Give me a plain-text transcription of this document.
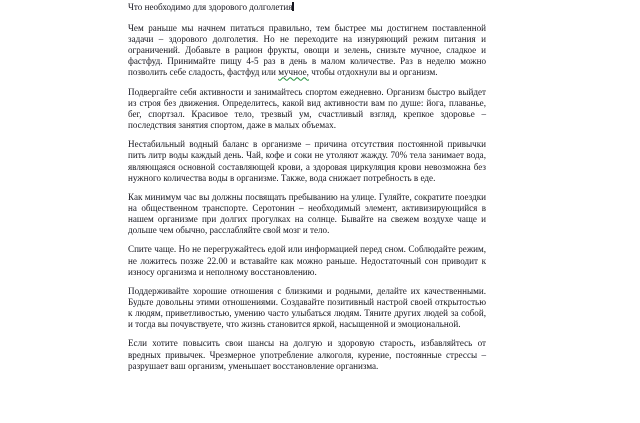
Что необходимо для здорового долголетия

Чем раньше мы начнем питаться правильно, тем быстрее мы достигнем поставленной задачи – здорового долголетия. Но не переходите на изнуряющий режим питания и ограничений. Добавьте в рацион фрукты, овощи и зелень, снизьте мучное, сладкое и фастфуд. Принимайте пищу 4-5 раз в день в малом количестве. Раз в неделю можно позволить себе сладость, фастфуд или мучное, чтобы отдохнули вы и организм.

Подвергайте себя активности и занимайтесь спортом ежедневно. Организм быстро выйдет из строя без движения. Определитесь, какой вид активности вам по душе: йога, плаванье, бег, спортзал. Красивое тело, трезвый ум, счастливый взгляд, крепкое здоровье – последствия занятия спортом, даже в малых объемах.

Нестабильный водный баланс в организме – причина отсутствия постоянной привычки пить литр воды каждый день. Чай, кофе и соки не утоляют жажду. 70% тела занимает вода, являющаяся основной составляющей крови, а здоровая циркуляция крови невозможна без нужного количества воды в организме. Также, вода снижает потребность в еде.

Как минимум час вы должны посвящать пребыванию на улице. Гуляйте, сократите поездки на общественном транспорте. Серотонин – необходимый элемент, активизирующийся в нашем организме при долгих прогулках на солнце. Бывайте на свежем воздухе чаще и дольше чем обычно, расслабляйте свой мозг и тело.

Спите чаще. Но не перегружайтесь едой или информацией перед сном. Соблюдайте режим, не ложитесь позже 22.00 и вставайте как можно раньше. Недостаточный сон приводит к износу организма и неполному восстановлению.

Поддерживайте хорошие отношения с близкими и родными, делайте их качественными. Будьте довольны этими отношениями. Создавайте позитивный настрой своей открытостью к людям, приветливостью, умению часто улыбаться людям. Тяните других людей за собой, и тогда вы почувствуете, что жизнь становится яркой, насыщенной и эмоциональной.

Если хотите повысить свои шансы на долгую и здоровую старость, избавляйтесь от вредных привычек. Чрезмерное употребление алкоголя, курение, постоянные стрессы – разрушает ваш организм, уменьшает восстановление организма.
